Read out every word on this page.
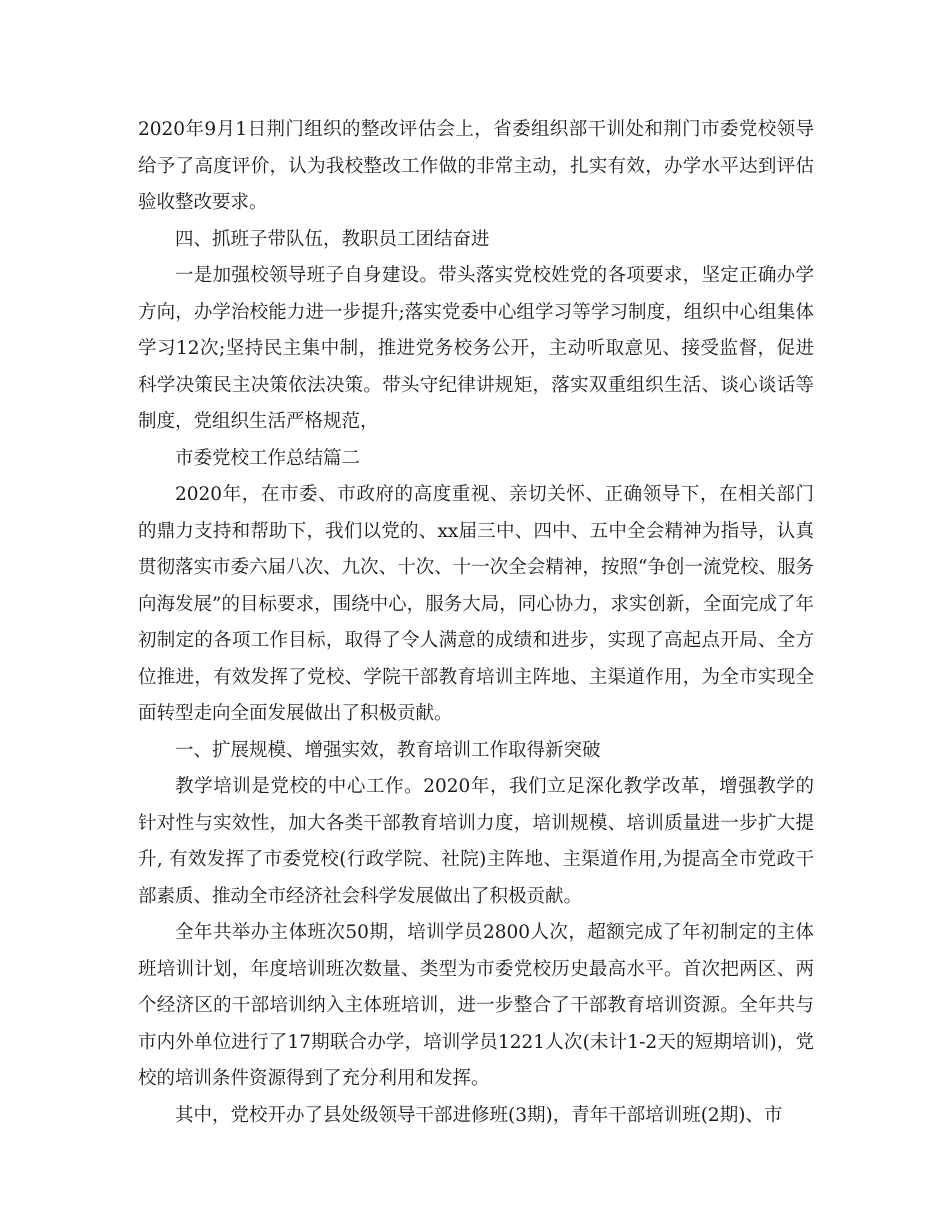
2020年9月1日荆门组织的整改评估会上，省委组织部干训处和荆门市委党校领导给予了高度评价，认为我校整改工作做的非常主动，扎实有效，办学水平达到评估验收整改要求。

四、抓班子带队伍，教职员工团结奋进

一是加强校领导班子自身建设。带头落实党校姓党的各项要求，坚定正确办学方向，办学治校能力进一步提升;落实党委中心组学习等学习制度，组织中心组集体学习12次;坚持民主集中制，推进党务校务公开，主动听取意见、接受监督，促进科学决策民主决策依法决策。带头守纪律讲规矩，落实双重组织生活、谈心谈话等制度，党组织生活严格规范，

市委党校工作总结篇二

2020年，在市委、市政府的高度重视、亲切关怀、正确领导下，在相关部门的鼎力支持和帮助下，我们以党的、xx届三中、四中、五中全会精神为指导，认真贯彻落实市委六届八次、九次、十次、十一次全会精神，按照“争创一流党校、服务向海发展”的目标要求，围绕中心，服务大局，同心协力，求实创新，全面完成了年初制定的各项工作目标，取得了令人满意的成绩和进步，实现了高起点开局、全方位推进，有效发挥了党校、学院干部教育培训主阵地、主渠道作用，为全市实现全面转型走向全面发展做出了积极贡献。

一、扩展规模、增强实效，教育培训工作取得新突破

教学培训是党校的中心工作。2020年，我们立足深化教学改革，增强教学的针对性与实效性，加大各类干部教育培训力度，培训规模、培训质量进一步扩大提升, 有效发挥了市委党校(行政学院、社院)主阵地、主渠道作用,为提高全市党政干部素质、推动全市经济社会科学发展做出了积极贡献。

全年共举办主体班次50期，培训学员2800人次，超额完成了年初制定的主体班培训计划，年度培训班次数量、类型为市委党校历史最高水平。首次把两区、两个经济区的干部培训纳入主体班培训，进一步整合了干部教育培训资源。全年共与市内外单位进行了17期联合办学，培训学员1221人次(未计1-2天的短期培训)，党校的培训条件资源得到了充分利用和发挥。

其中，党校开办了县处级领导干部进修班(3期)，青年干部培训班(2期)、市
